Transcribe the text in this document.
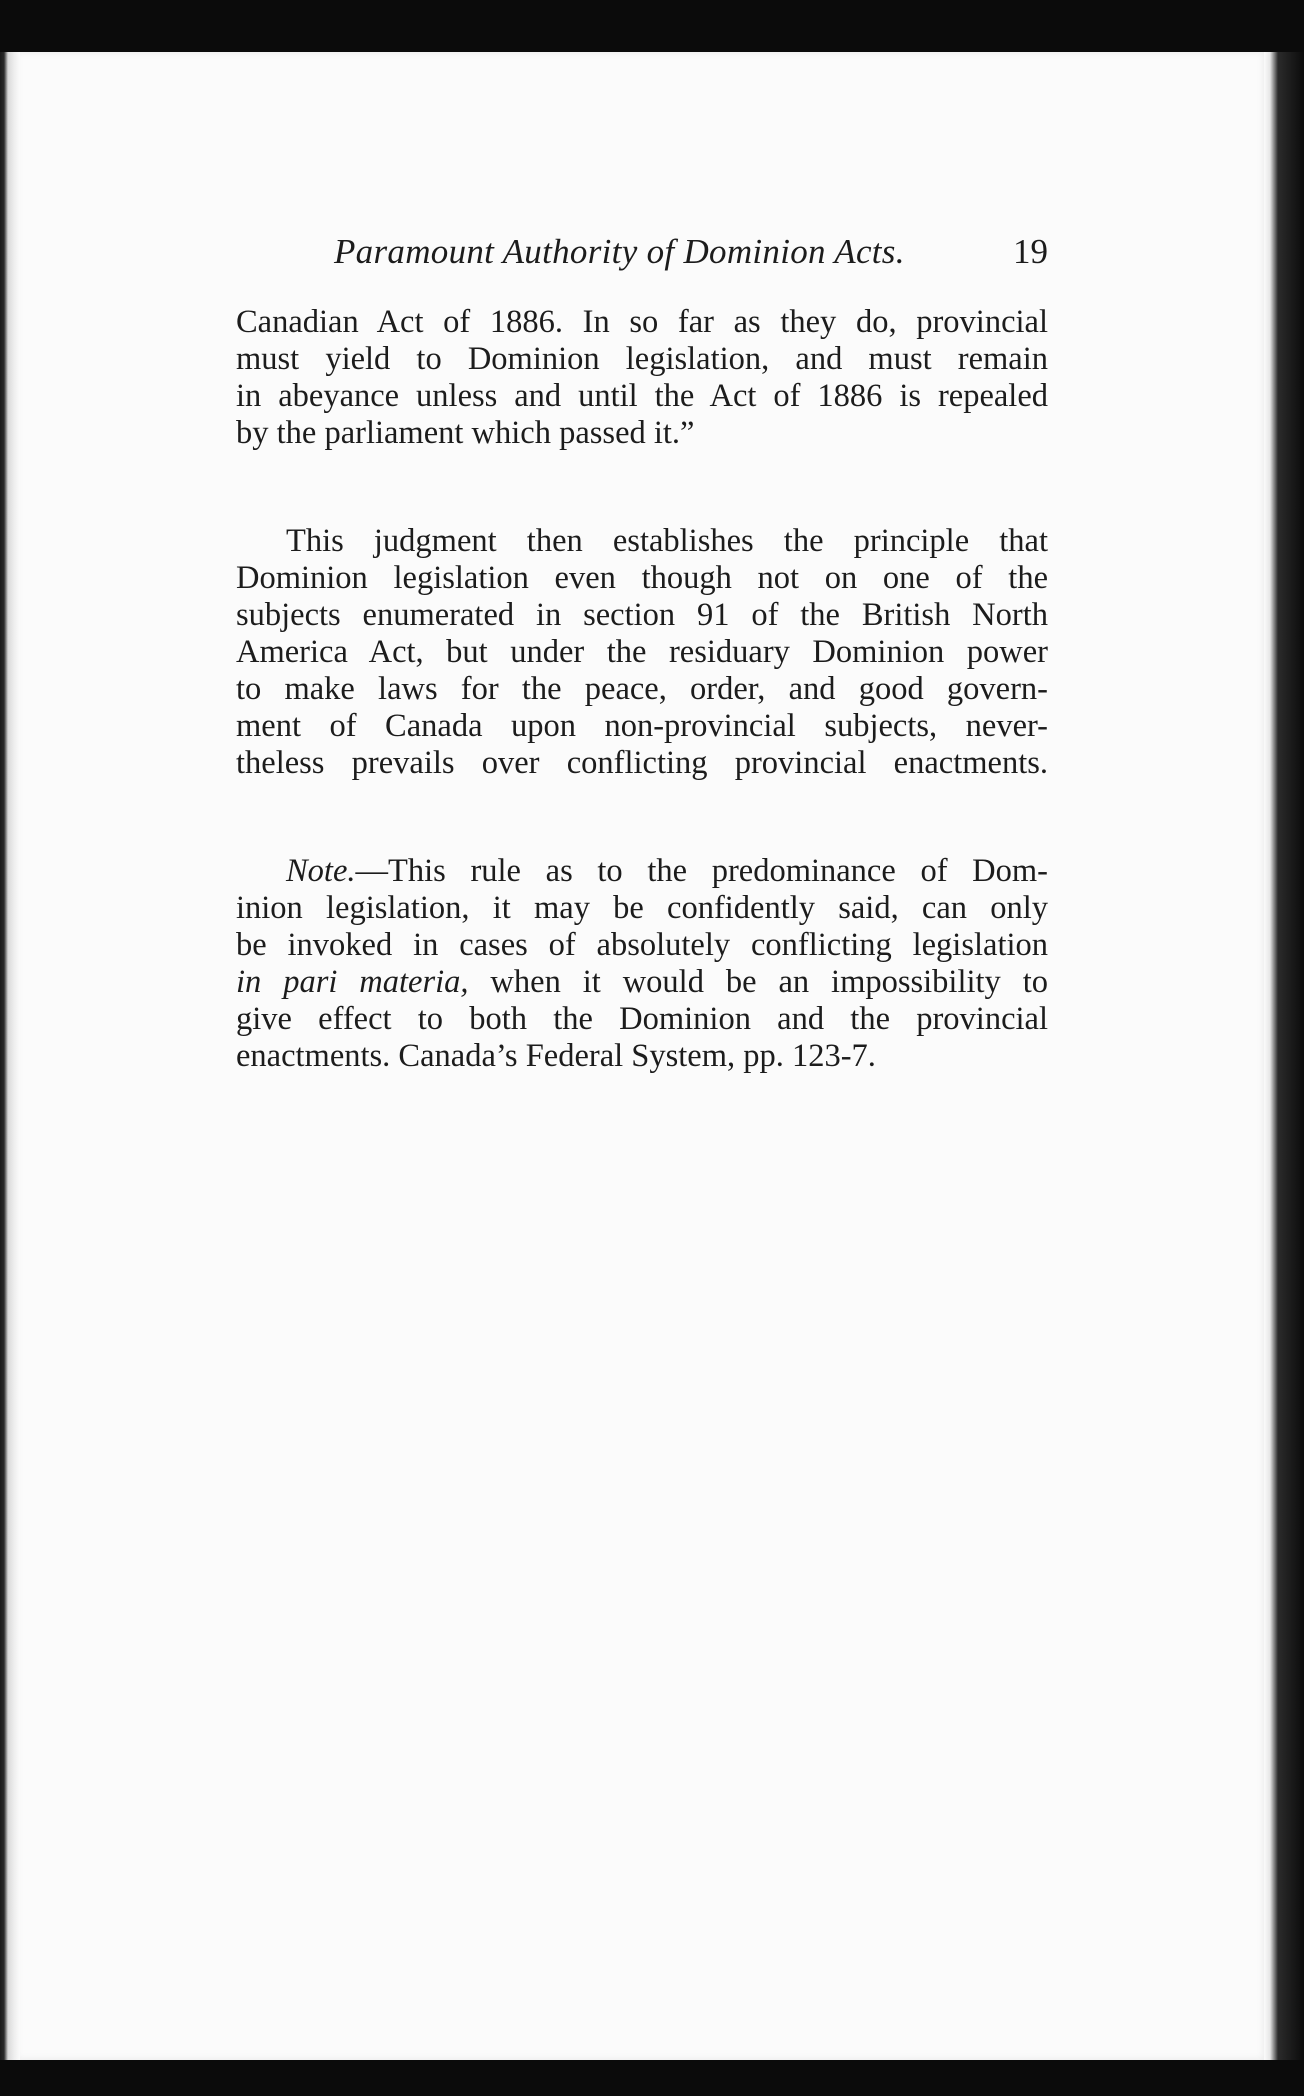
Paramount Authority of Dominion Acts.	19
Canadian Act of 1886. In so far as they do, provincial
must yield to Dominion legislation, and must remain
in abeyance unless and until the Act of 1886 is repealed
by the parliament which passed it.”
This judgment then establishes the principle that
Dominion legislation even though not on one of the
subjects enumerated in section 91 of the British North
America Act, but under the residuary Dominion power
to make laws for the peace, order, and good govern-
ment of Canada upon non-provincial subjects, never-
theless prevails over conflicting provincial enactments.
Note.—This rule as to the predominance of Dom-
inion legislation, it may be confidently said, can only
be invoked in cases of absolutely conflicting legislation
in pari materia, when it would be an impossibility to
give effect to both the Dominion and the provincial
enactments. Canada’s Federal System, pp. 123-7.
